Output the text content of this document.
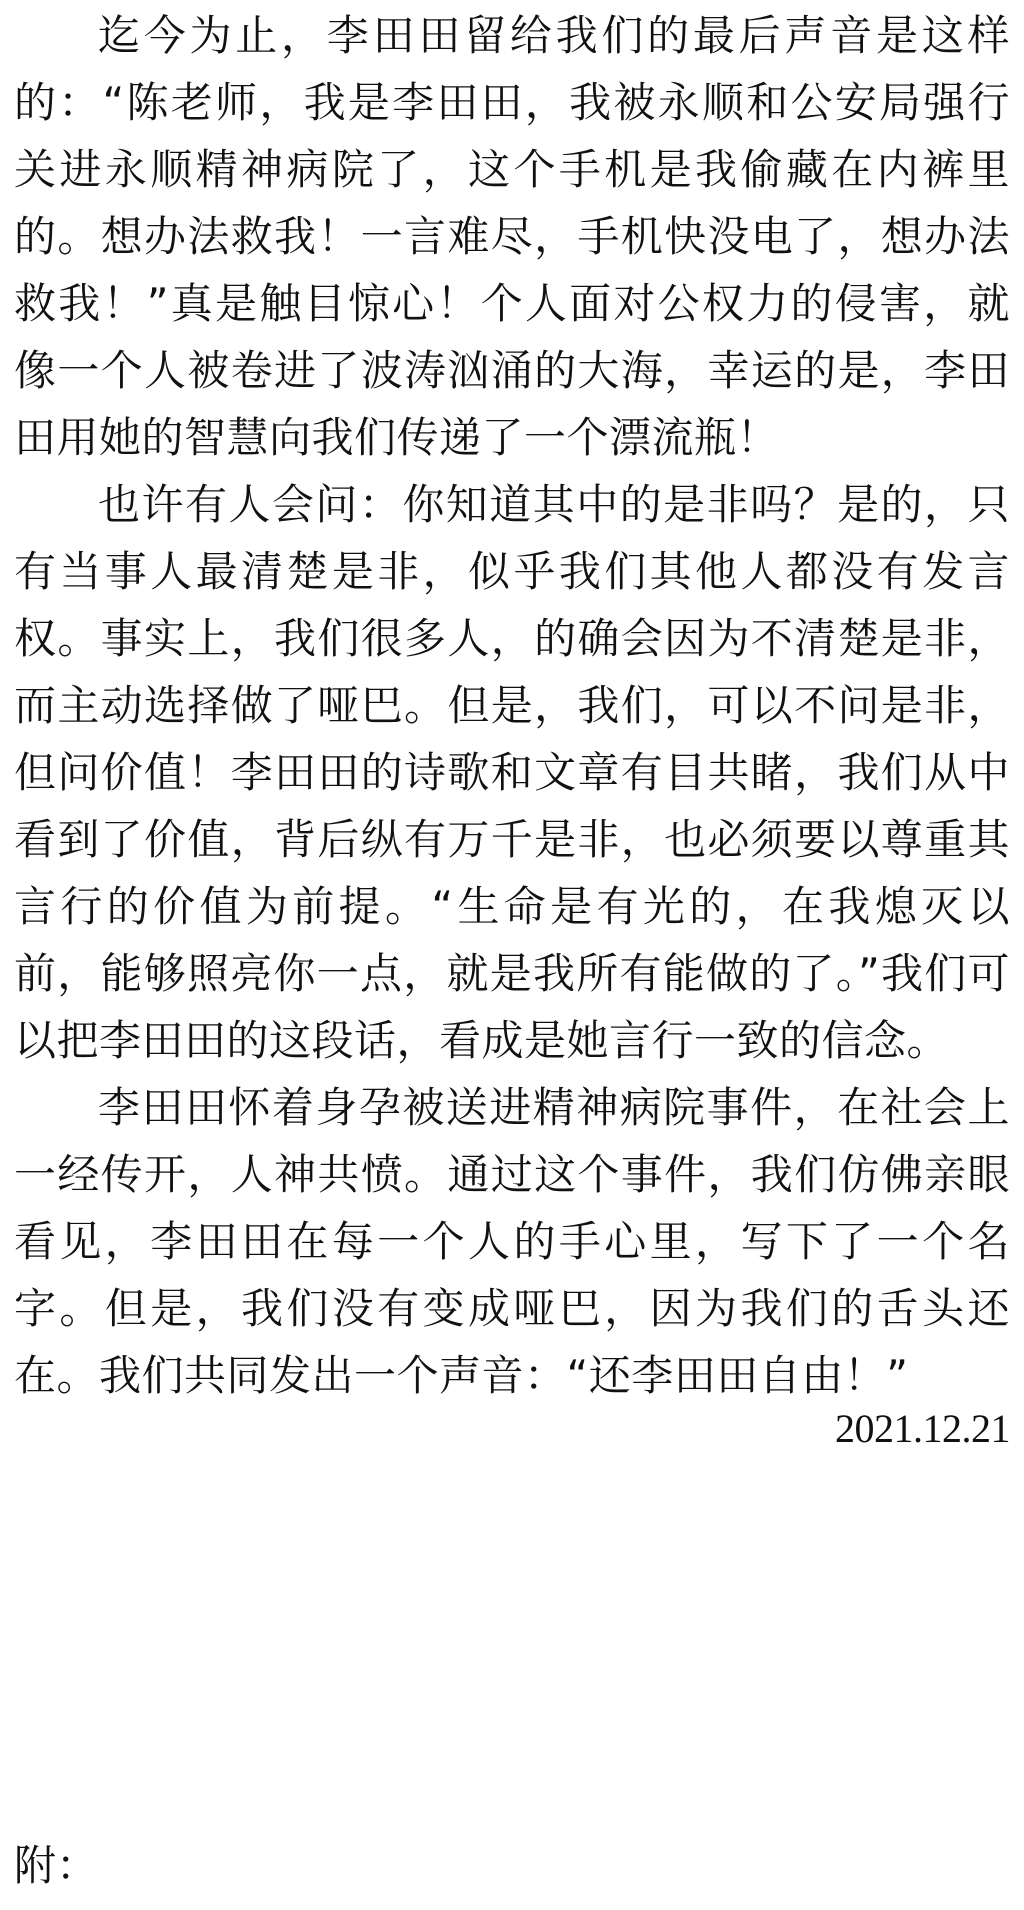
迄今为止，李田田留给我们的最后声音是这样的：“陈老师，我是李田田，我被永顺和公安局强行关进永顺精神病院了，这个手机是我偷藏在内裤里的。想办法救我！一言难尽，手机快没电了，想办法救我！”真是触目惊心！个人面对公权力的侵害，就像一个人被卷进了波涛汹涌的大海，幸运的是，李田田用她的智慧向我们传递了一个漂流瓶！

也许有人会问：你知道其中的是非吗？是的，只有当事人最清楚是非，似乎我们其他人都没有发言权。事实上，我们很多人，的确会因为不清楚是非，而主动选择做了哑巴。但是，我们，可以不问是非，但问价值！李田田的诗歌和文章有目共睹，我们从中看到了价值，背后纵有万千是非，也必须要以尊重其言行的价值为前提。“生命是有光的，在我熄灭以前，能够照亮你一点，就是我所有能做的了。”我们可以把李田田的这段话，看成是她言行一致的信念。

李田田怀着身孕被送进精神病院事件，在社会上一经传开，人神共愤。通过这个事件，我们仿佛亲眼看见，李田田在每一个人的手心里，写下了一个名字。但是，我们没有变成哑巴，因为我们的舌头还在。我们共同发出一个声音：“还李田田自由！”

2021.12.21
附：
